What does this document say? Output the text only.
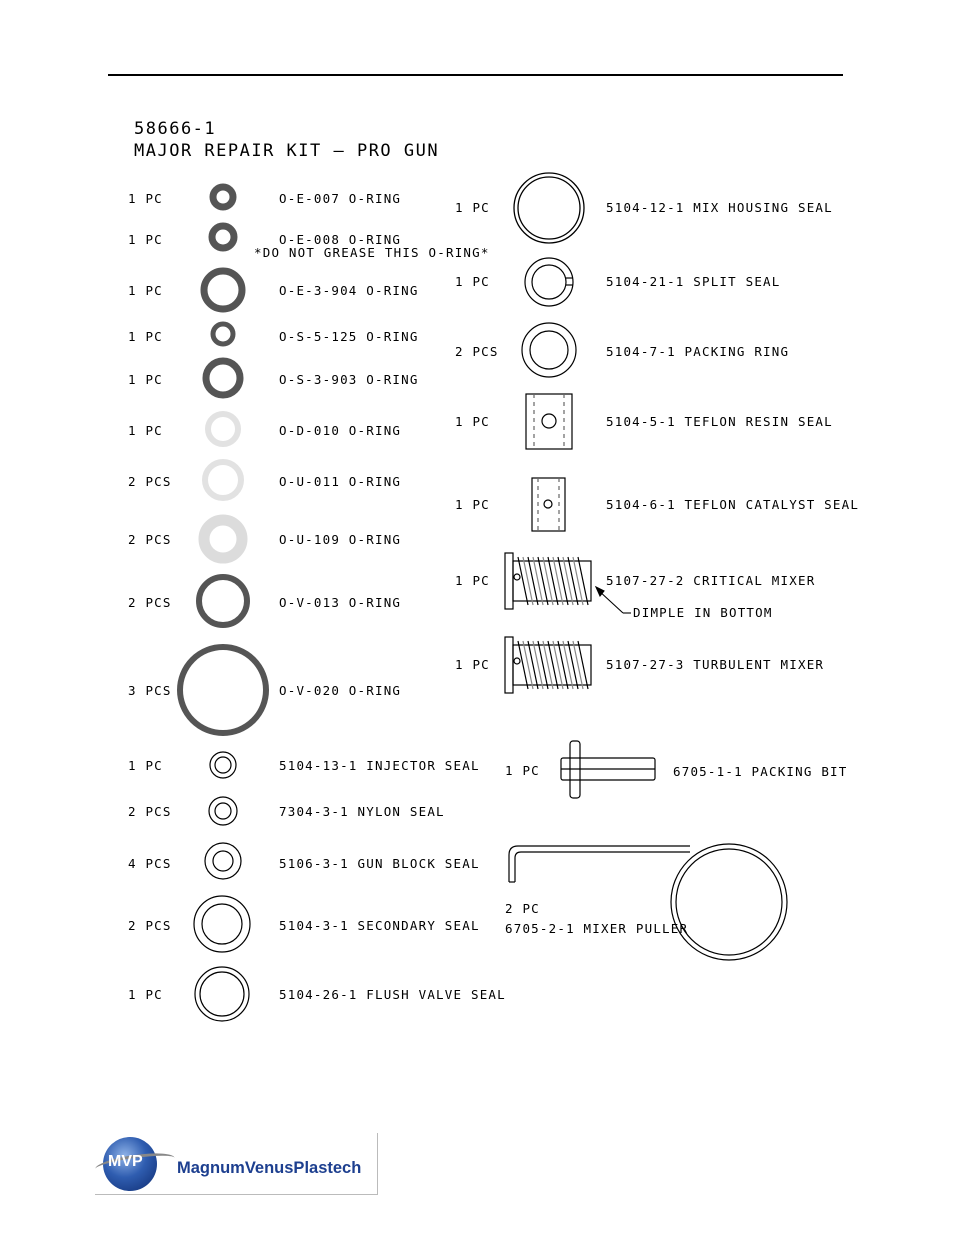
58666-1
MAJOR REPAIR KIT — PRO GUN
1 PC	O-E-007 O-RING
1 PC	O-E-008 O-RING
*DO NOT GREASE THIS O-RING*
1 PC	O-E-3-904 O-RING
1 PC	O-S-5-125 O-RING
1 PC	O-S-3-903 O-RING
1 PC	O-D-010 O-RING
2 PCS	O-U-011 O-RING
2 PCS	O-U-109 O-RING
2 PCS	O-V-013 O-RING
3 PCS	O-V-020 O-RING
1 PC	5104-13-1 INJECTOR SEAL
2 PCS	7304-3-1 NYLON SEAL
4 PCS	5106-3-1 GUN BLOCK SEAL
2 PCS	5104-3-1 SECONDARY SEAL
1 PC	5104-26-1 FLUSH VALVE SEAL
1 PC	5104-12-1 MIX HOUSING SEAL
1 PC	5104-21-1 SPLIT SEAL
2 PCS	5104-7-1 PACKING RING
1 PC	5104-5-1 TEFLON RESIN SEAL
1 PC	5104-6-1 TEFLON CATALYST SEAL
1 PC	5107-27-2 CRITICAL MIXER
DIMPLE IN BOTTOM
1 PC	5107-27-3 TURBULENT MIXER
1 PC	6705-1-1 PACKING BIT
2 PC
6705-2-1 MIXER PULLER
MVP MagnumVenusPlastech
